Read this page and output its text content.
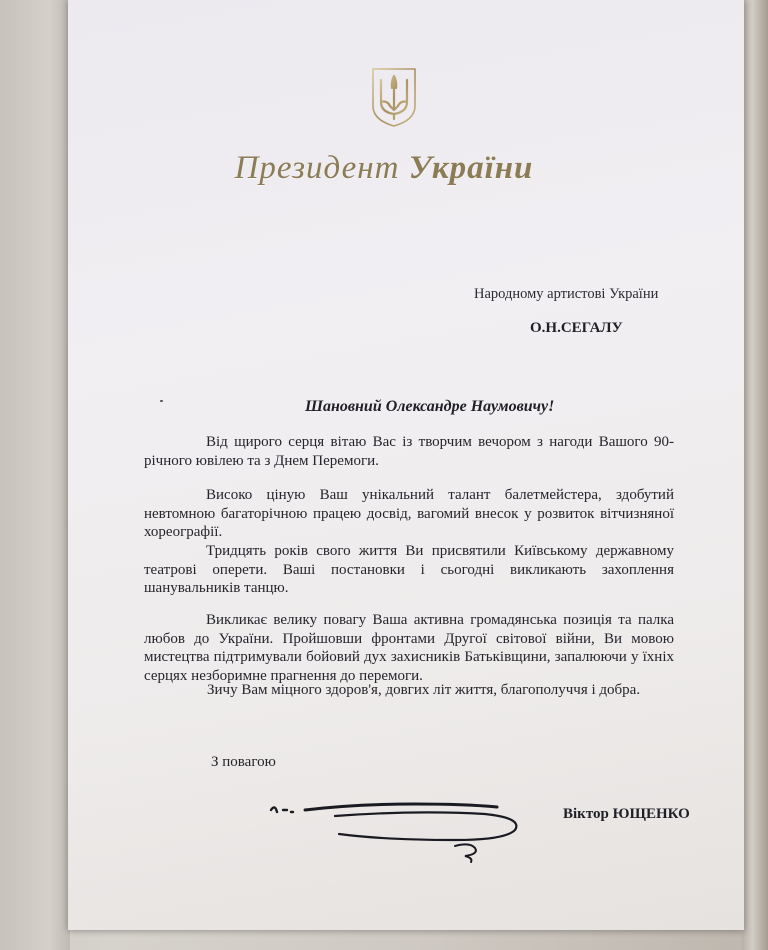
Президент України
Народному артистові України
О.Н.СЕГАЛУ
Шановний Олександре Наумовичу!
Від щирого серця вітаю Вас із творчим вечором з нагоди Вашого 90-річного ювілею та з Днем Перемоги.
Високо ціную Ваш унікальний талант балетмейстера, здобутий невтомною багаторічною працею досвід, вагомий внесок у розвиток вітчизняної хореографії.
Тридцять років свого життя Ви присвятили Київському державному театрові оперети. Ваші постановки і сьогодні викликають захоплення шанувальників танцю.
Викликає велику повагу Ваша активна громадянська позиція та палка любов до України. Пройшовши фронтами Другої світової війни, Ви мовою мистецтва підтримували бойовий дух захисників Батьківщини, запалюючи у їхніх серцях незборимне прагнення до перемоги.
Зичу Вам міцного здоров'я, довгих літ життя, благополуччя і добра.
З повагою
Віктор ЮЩЕНКО
